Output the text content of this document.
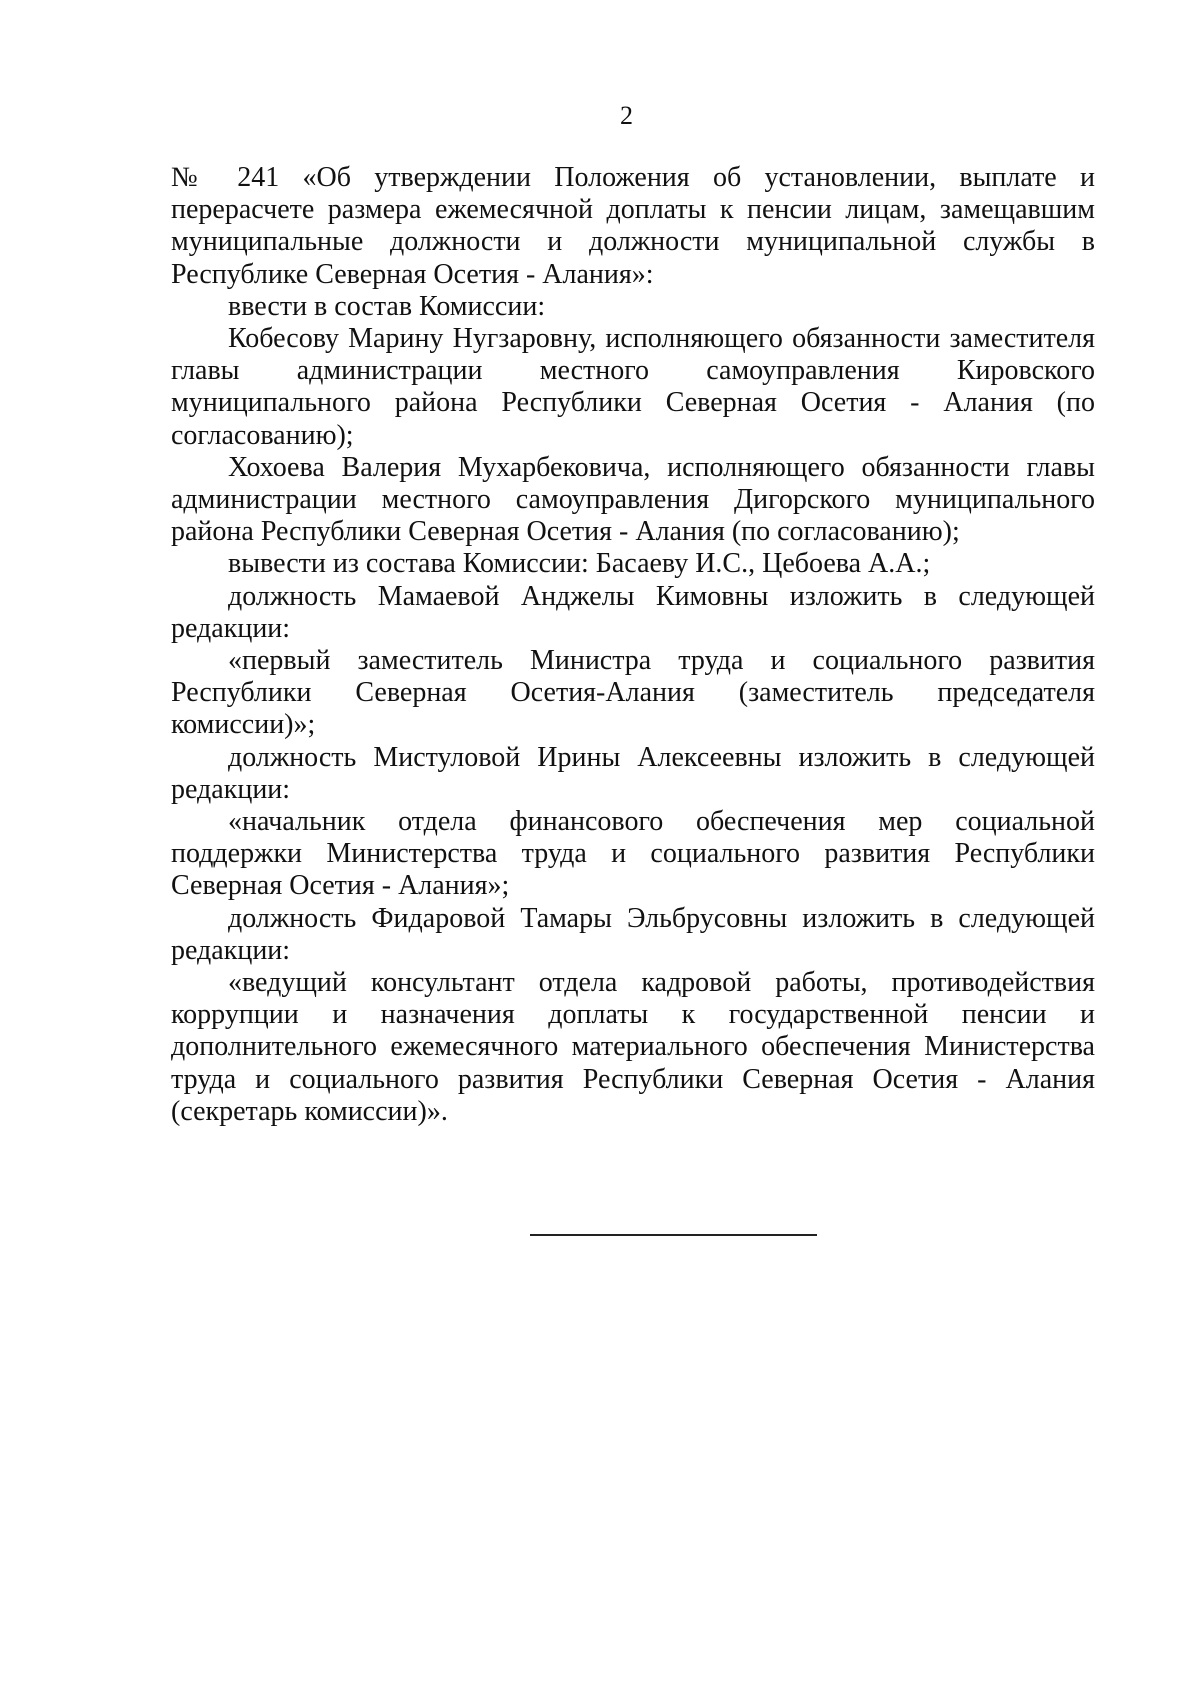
2

№ 241 «Об утверждении Положения об установлении, выплате и перерасчете размера ежемесячной доплаты к пенсии лицам, замещавшим муниципальные должности и должности муниципальной службы в Республике Северная Осетия - Алания»:

ввести в состав Комиссии:

Кобесову Марину Нугзаровну, исполняющего обязанности заместителя главы администрации местного самоуправления Кировского муниципального района Республики Северная Осетия - Алания (по согласованию);

Хохоева Валерия Мухарбековича, исполняющего обязанности главы администрации местного самоуправления Дигорского муниципального района Республики Северная Осетия - Алания (по согласованию);

вывести из состава Комиссии: Басаеву И.С., Цебоева А.А.;

должность Мамаевой Анджелы Кимовны изложить в следующей редакции:

«первый заместитель Министра труда и социального развития Республики Северная Осетия-Алания (заместитель председателя комиссии)»;

должность Мистуловой Ирины Алексеевны изложить в следующей редакции:

«начальник отдела финансового обеспечения мер социальной поддержки Министерства труда и социального развития Республики Северная Осетия - Алания»;

должность Фидаровой Тамары Эльбрусовны изложить в следующей редакции:

«ведущий консультант отдела кадровой работы, противодействия коррупции и назначения доплаты к государственной пенсии и дополнительного ежемесячного материального обеспечения Министерства труда и социального развития Республики Северная Осетия - Алания (секретарь комиссии)».
